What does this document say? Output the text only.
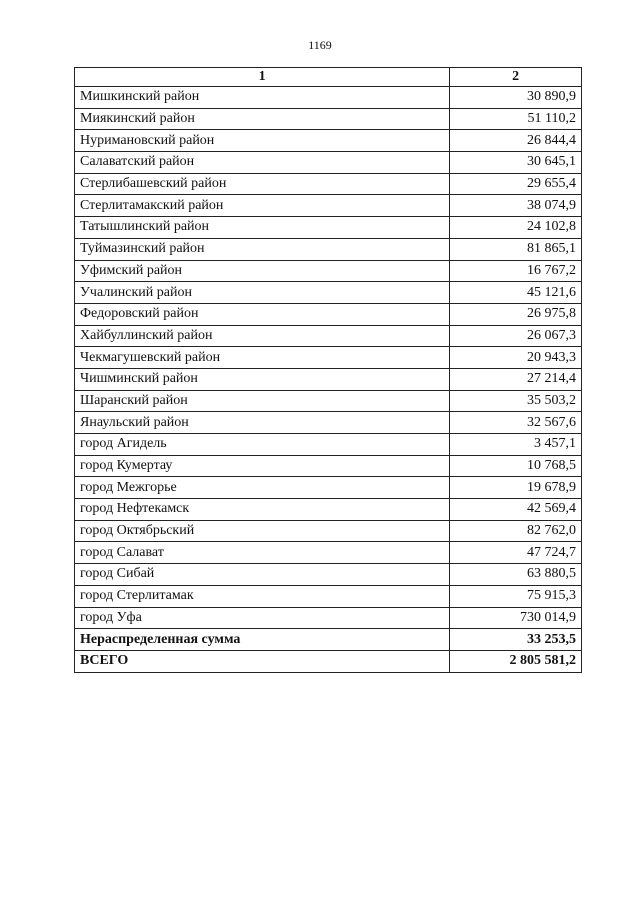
1169
1	2
Мишкинский район	30 890,9
Миякинский район	51 110,2
Нуримановский район	26 844,4
Салаватский район	30 645,1
Стерлибашевский район	29 655,4
Стерлитамакский район	38 074,9
Татышлинский район	24 102,8
Туймазинский район	81 865,1
Уфимский район	16 767,2
Учалинский район	45 121,6
Федоровский район	26 975,8
Хайбуллинский район	26 067,3
Чекмагушевский район	20 943,3
Чишминский район	27 214,4
Шаранский район	35 503,2
Янаульский район	32 567,6
город Агидель	3 457,1
город Кумертау	10 768,5
город Межгорье	19 678,9
город Нефтекамск	42 569,4
город Октябрьский	82 762,0
город Салават	47 724,7
город Сибай	63 880,5
город Стерлитамак	75 915,3
город Уфа	730 014,9
Нераспределенная сумма	33 253,5
ВСЕГО	2 805 581,2
